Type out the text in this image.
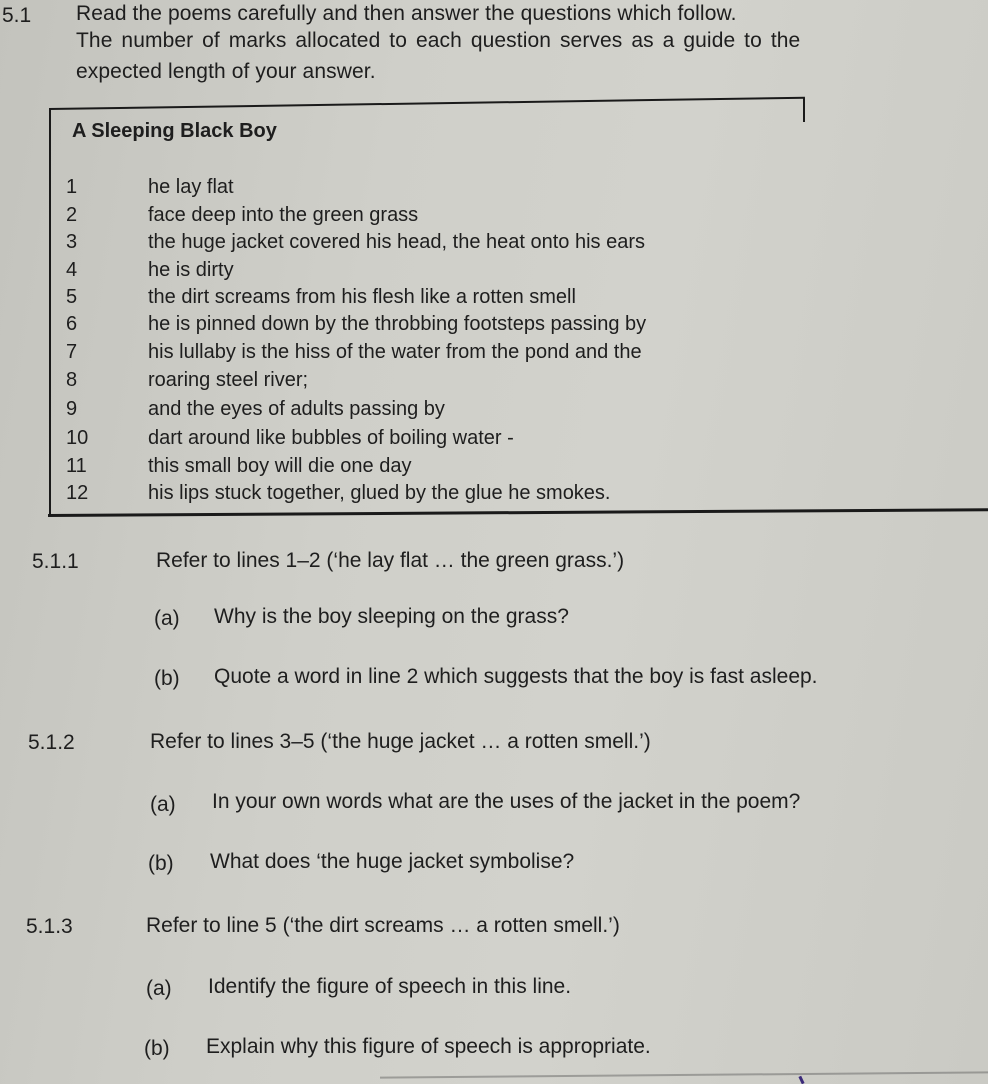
5.1 Read the poems carefully and then answer the questions which follow.
The number of marks allocated to each question serves as a guide to the
expected length of your answer.
A Sleeping Black Boy
1	he lay flat
2	face deep into the green grass
3	the huge jacket covered his head, the heat onto his ears
4	he is dirty
5	the dirt screams from his flesh like a rotten smell
6	he is pinned down by the throbbing footsteps passing by
7	his lullaby is the hiss of the water from the pond and the
8	roaring steel river;
9	and the eyes of adults passing by
10	dart around like bubbles of boiling water -
11	this small boy will die one day
12	his lips stuck together, glued by the glue he smokes.
5.1.1	Refer to lines 1–2 (‘he lay flat … the green grass.’)
(a) Why is the boy sleeping on the grass?
(b) Quote a word in line 2 which suggests that the boy is fast asleep.
5.1.2	Refer to lines 3–5 (‘the huge jacket … a rotten smell.’)
(a) In your own words what are the uses of the jacket in the poem?
(b) What does ‘the huge jacket symbolise?
5.1.3	Refer to line 5 (‘the dirt screams … a rotten smell.’)
(a) Identify the figure of speech in this line.
(b) Explain why this figure of speech is appropriate.
